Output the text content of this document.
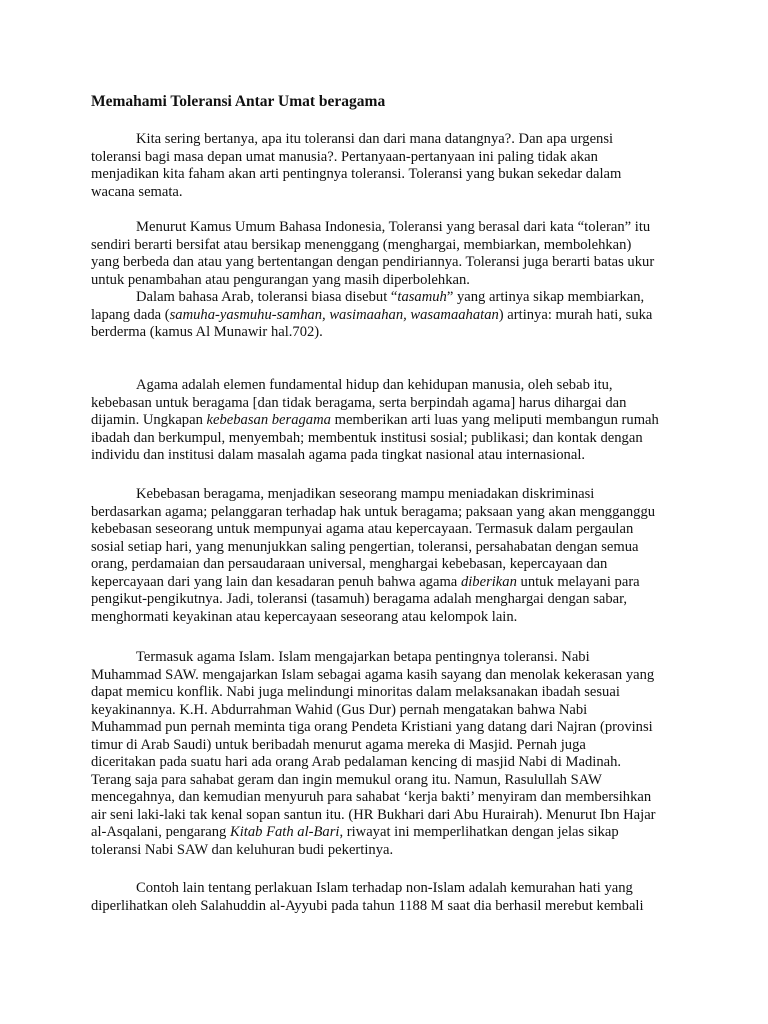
Memahami Toleransi Antar Umat beragama
Kita sering bertanya, apa itu toleransi dan dari mana datangnya?. Dan apa urgensi
toleransi bagi masa depan umat manusia?. Pertanyaan-pertanyaan ini paling tidak akan
menjadikan kita faham akan arti pentingnya toleransi. Toleransi yang bukan sekedar dalam
wacana semata.
Menurut Kamus Umum Bahasa Indonesia, Toleransi yang berasal dari kata “toleran” itu
sendiri berarti bersifat atau bersikap menenggang (menghargai, membiarkan, membolehkan)
yang berbeda dan atau yang bertentangan dengan pendiriannya. Toleransi juga berarti batas ukur
untuk penambahan atau pengurangan yang masih diperbolehkan.
Dalam bahasa Arab, toleransi biasa disebut “tasamuh” yang artinya sikap membiarkan,
lapang dada (samuha-yasmuhu-samhan, wasimaahan, wasamaahatan) artinya: murah hati, suka
berderma (kamus Al Munawir hal.702).
Agama adalah elemen fundamental hidup dan kehidupan manusia, oleh sebab itu,
kebebasan untuk beragama [dan tidak beragama, serta berpindah agama] harus dihargai dan
dijamin. Ungkapan kebebasan beragama memberikan arti luas yang meliputi membangun rumah
ibadah dan berkumpul, menyembah; membentuk institusi sosial; publikasi; dan kontak dengan
individu dan institusi dalam masalah agama pada tingkat nasional atau internasional.
Kebebasan beragama, menjadikan seseorang mampu meniadakan diskriminasi
berdasarkan agama; pelanggaran terhadap hak untuk beragama; paksaan yang akan mengganggu
kebebasan seseorang untuk mempunyai agama atau kepercayaan. Termasuk dalam pergaulan
sosial setiap hari, yang menunjukkan saling pengertian, toleransi, persahabatan dengan semua
orang, perdamaian dan persaudaraan universal, menghargai kebebasan, kepercayaan dan
kepercayaan dari yang lain dan kesadaran penuh bahwa agama diberikan untuk melayani para
pengikut-pengikutnya. Jadi, toleransi (tasamuh) beragama adalah menghargai dengan sabar,
menghormati keyakinan atau kepercayaan seseorang atau kelompok lain.
Termasuk agama Islam. Islam mengajarkan betapa pentingnya toleransi. Nabi
Muhammad SAW. mengajarkan Islam sebagai agama kasih sayang dan menolak kekerasan yang
dapat memicu konflik. Nabi juga melindungi minoritas dalam melaksanakan ibadah sesuai
keyakinannya. K.H. Abdurrahman Wahid (Gus Dur) pernah mengatakan bahwa Nabi
Muhammad pun pernah meminta tiga orang Pendeta Kristiani yang datang dari Najran (provinsi
timur di Arab Saudi) untuk beribadah menurut agama mereka di Masjid. Pernah juga
diceritakan pada suatu hari ada orang Arab pedalaman kencing di masjid Nabi di Madinah.
Terang saja para sahabat geram dan ingin memukul orang itu. Namun, Rasulullah SAW
mencegahnya, dan kemudian menyuruh para sahabat ‘kerja bakti’ menyiram dan membersihkan
air seni laki-laki tak kenal sopan santun itu. (HR Bukhari dari Abu Hurairah). Menurut Ibn Hajar
al-Asqalani, pengarang Kitab Fath al-Bari, riwayat ini memperlihatkan dengan jelas sikap
toleransi Nabi SAW dan keluhuran budi pekertinya.
Contoh lain tentang perlakuan Islam terhadap non-Islam adalah kemurahan hati yang
diperlihatkan oleh Salahuddin al-Ayyubi pada tahun 1188 M saat dia berhasil merebut kembali
